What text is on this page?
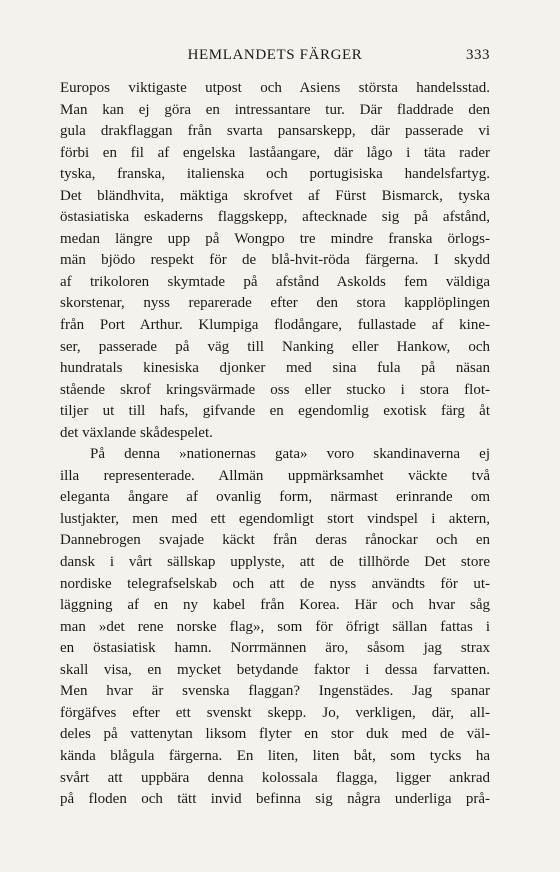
HEMLANDETS FÄRGER	333
Europos viktigaste utpost och Asiens största handelsstad.
Man kan ej göra en intressantare tur. Där fladdrade den
gula drakflaggan från svarta pansarskepp, där passerade vi
förbi en fil af engelska laståangare, där lågo i täta rader
tyska, franska, italienska och portugisiska handelsfartyg.
Det bländhvita, mäktiga skrofvet af Fürst Bismarck, tyska
östasiatiska eskaderns flaggskepp, aftecknade sig på afstånd,
medan längre upp på Wongpo tre mindre franska örlogs-
män bjödo respekt för de blå-hvit-röda färgerna. I skydd
af trikoloren skymtade på afstånd Askolds fem väldiga
skorstenar, nyss reparerade efter den stora kapplöplingen
från Port Arthur. Klumpiga flodångare, fullastade af kine-
ser, passerade på väg till Nanking eller Hankow, och
hundratals kinesiska djonker med sina fula på näsan
stående skrof kringsvärmade oss eller stucko i stora flot-
tiljer ut till hafs, gifvande en egendomlig exotisk färg åt
det växlande skådespelet.
På denna »nationernas gata» voro skandinaverna ej
illa representerade. Allmän uppmärksamhet väckte två
eleganta ångare af ovanlig form, närmast erinrande om
lustjakter, men med ett egendomligt stort vindspel i aktern,
Dannebrogen svajade käckt från deras rånockar och en
dansk i vårt sällskap upplyste, att de tillhörde Det store
nordiske telegrafselskab och att de nyss användts för ut-
läggning af en ny kabel från Korea. Här och hvar såg
man »det rene norske flag», som för öfrigt sällan fattas i
en östasiatisk hamn. Norrmännen äro, såsom jag strax
skall visa, en mycket betydande faktor i dessa farvatten.
Men hvar är svenska flaggan? Ingenstädes. Jag spanar
förgäfves efter ett svenskt skepp. Jo, verkligen, där, all-
deles på vattenytan liksom flyter en stor duk med de väl-
kända blågula färgerna. En liten, liten båt, som tycks ha
svårt att uppbära denna kolossala flagga, ligger ankrad
på floden och tätt invid befinna sig några underliga prå-
